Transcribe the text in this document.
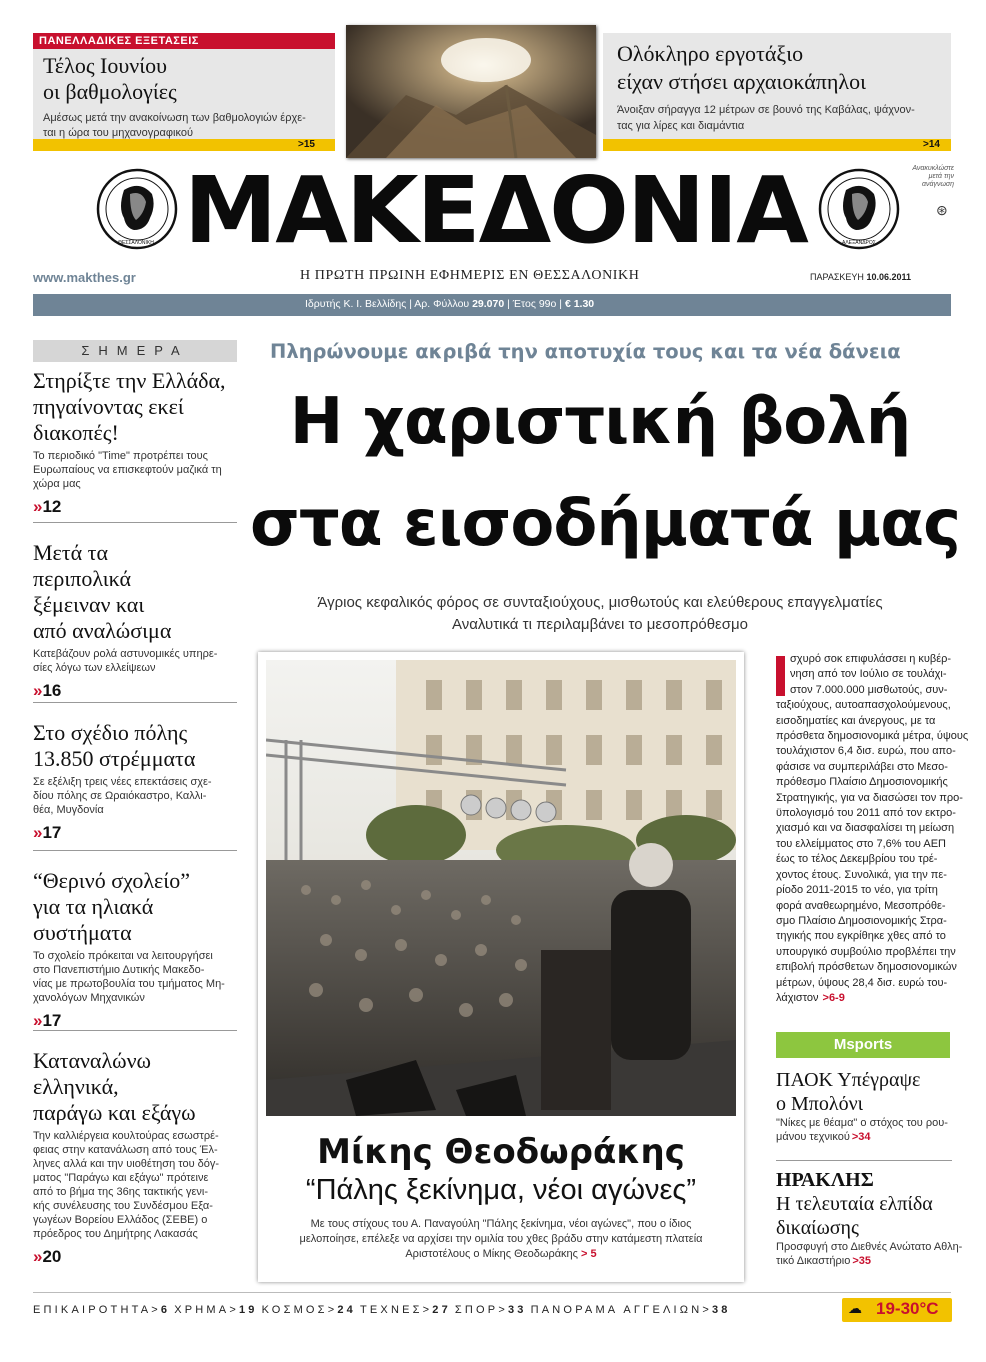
ΠΑΝΕΛΛΑΔΙΚΕΣ ΕΞΕΤΑΣΕΙΣ
Τέλος Ιουνίου
οι βαθμολογίες
Αμέσως μετά την ανακοίνωση των βαθμολογιών έρχε-
ται η ώρα του μηχανογραφικού
>15
Ολόκληρο εργοτάξιο
είχαν στήσει αρχαιοκάπηλοι
Άνοιξαν σήραγγα 12 μέτρων σε βουνό της Καβάλας, ψάχνον-
τας για λίρες και διαμάντια
>14
ΘΕΣΣΑΛΟΝΙΚΗ ΜΑΚΕΔΟΝΙΑ	ΑΛΕΞΑΝΔΡΟΣ
Ανακυκλώστε
μετά την
ανάγνωση
⊛
www.makthes.gr	Η ΠΡΩΤΗ ΠΡΩΙΝΗ ΕΦΗΜΕΡΙΣ ΕΝ ΘΕΣΣΑΛΟΝΙΚΗ	ΠΑΡΑΣΚΕΥΗ 10.06.2011
Ιδρυτής Κ. Ι. Βελλίδης | Αρ. Φύλλου 29.070 | Έτος 99ο | € 1.30
ΣΗΜΕΡΑ
Στηρίξτε την Ελλάδα,
πηγαίνοντας εκεί
διακοπές!
Το περιοδικό "Time" προτρέπει τους
Ευρωπαίους να επισκεφτούν μαζικά τη
χώρα μας
»12
Μετά τα
περιπολικά
ξέμειναν και
από αναλώσιμα
Κατεβάζουν ρολά αστυνομικές υπηρε-
σίες λόγω των ελλείψεων
»16
Στο σχέδιο πόλης
13.850 στρέμματα
Σε εξέλιξη τρεις νέες επεκτάσεις σχε-
δίου πόλης σε Ωραιόκαστρο, Καλλι-
θέα, Μυγδονία
»17
“Θερινό σχολείο”
για τα ηλιακά
συστήματα
Το σχολείο πρόκειται να λειτουργήσει
στο Πανεπιστήμιο Δυτικής Μακεδο-
νίας με πρωτοβουλία του τμήματος Μη-
χανολόγων Μηχανικών
»17
Καταναλώνω
ελληνικά,
παράγω και εξάγω
Την καλλιέργεια κουλτούρας εσωστρέ-
φειας στην κατανάλωση από τους Έλ-
ληνες αλλά και την υιοθέτηση του δόγ-
ματος "Παράγω και εξάγω" πρότεινε
από το βήμα της 36ης τακτικής γενι-
κής συνέλευσης του Συνδέσμου Εξα-
γωγέων Βορείου Ελλάδος (ΣΕΒΕ) ο
πρόεδρος του Δημήτρης Λακασάς
»20
Πληρώνουμε ακριβά την αποτυχία τους και τα νέα δάνεια
Η χαριστική βολή
στα εισοδήματά μας
Άγριος κεφαλικός φόρος σε συνταξιούχους, μισθωτούς και ελεύθερους επαγγελματίες
Αναλυτικά τι περιλαμβάνει το μεσοπρόθεσμο
Μίκης Θεοδωράκης
“Πάλης ξεκίνημα, νέοι αγώνες”
Με τους στίχους του Α. Παναγούλη "Πάλης ξεκίνημα, νέοι αγώνες", που ο ίδιος
μελοποίησε, επέλεξε να αρχίσει την ομιλία του χθες βράδυ στην κατάμεστη πλατεία
Αριστοτέλους ο Μίκης Θεοδωράκης > 5
σχυρό σοκ επιφυλάσσει η κυβέρ-
νηση από τον Ιούλιο σε τουλάχι-
στον 7.000.000 μισθωτούς, συν-
ταξιούχους, αυτοαπασχολούμενους,
εισοδηματίες και άνεργους, με τα
πρόσθετα δημοσιονομικά μέτρα, ύψους
τουλάχιστον 6,4 δισ. ευρώ, που απο-
φάσισε να συμπεριλάβει στο Μεσο-
πρόθεσμο Πλαίσιο Δημοσιονομικής
Στρατηγικής, για να διασώσει τον προ-
ϋπολογισμό του 2011 από τον εκτρο-
χιασμό και να διασφαλίσει τη μείωση
του ελλείμματος στο 7,6% του ΑΕΠ
έως το τέλος Δεκεμβρίου του τρέ-
χοντος έτους. Συνολικά, για την πε-
ρίοδο 2011-2015 το νέο, για τρίτη
φορά αναθεωρημένο, Μεσοπρόθε-
σμο Πλαίσιο Δημοσιονομικής Στρα-
τηγικής που εγκρίθηκε χθες από το
υπουργικό συμβούλιο προβλέπει την
επιβολή πρόσθετων δημοσιονομικών
μέτρων, ύψους 28,4 δισ. ευρώ του-
λάχιστον >6-9
Msports
ΠΑΟΚ Υπέγραψε
ο Μπολόνι
"Νίκες με θέαμα" ο στόχος του ρου-
μάνου τεχνικού >34
ΗΡΑΚΛΗΣ
Η τελευταία ελπίδα
δικαίωσης
Προσφυγή στο Διεθνές Ανώτατο Αθλη-
τικό Δικαστήριο >35
ΕΠΙΚΑΙΡΟΤΗΤΑ>6 ΧΡΗΜΑ>19 ΚΟΣΜΟΣ>24 ΤΕΧΝΕΣ>27 ΣΠΟΡ>33 ΠΑΝΟΡΑΜΑ ΑΓΓΕΛΙΩΝ>38	☁ 19-30°C
